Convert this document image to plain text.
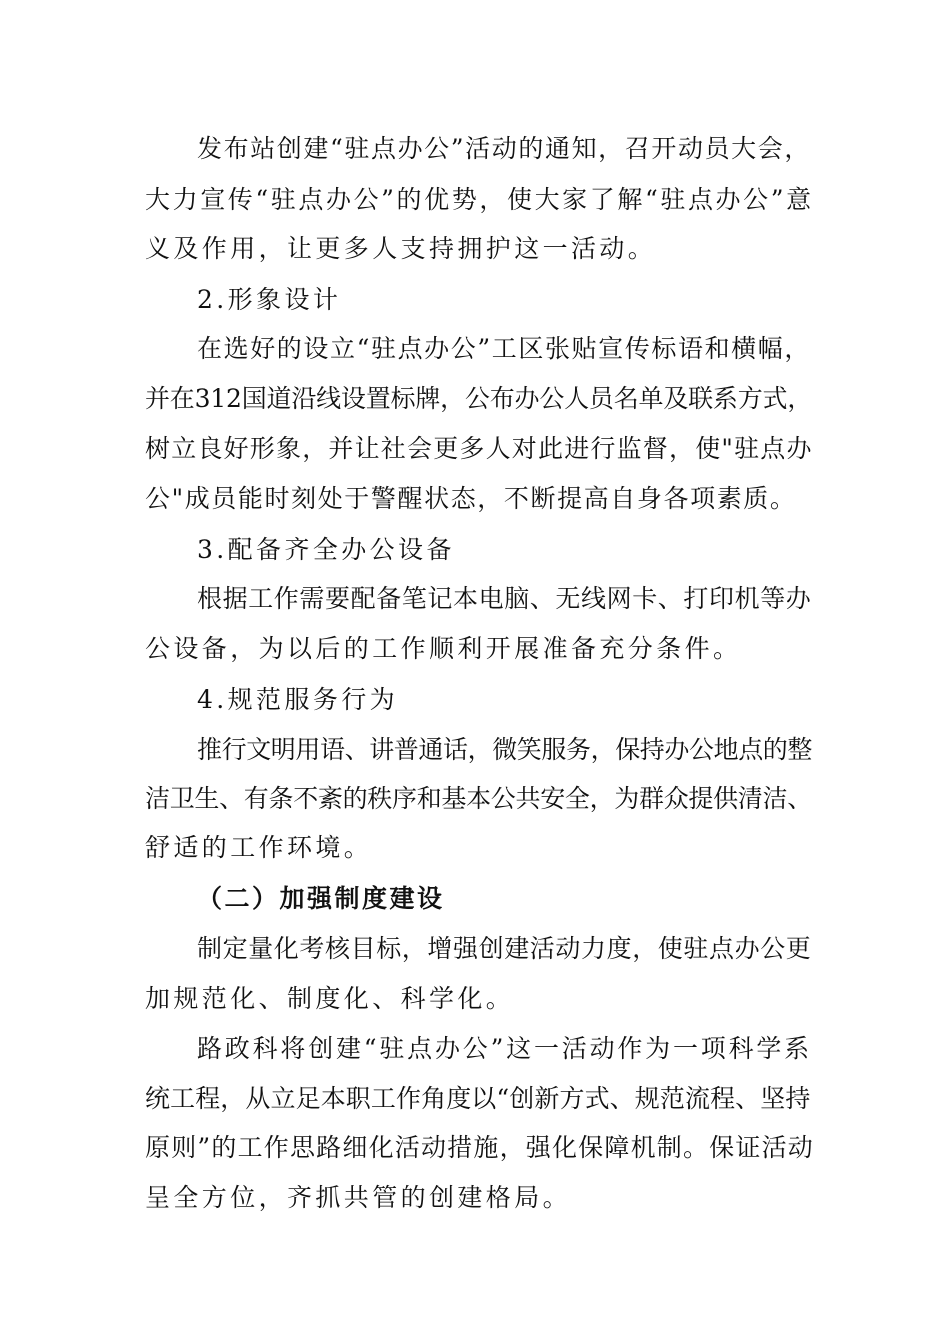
发布站创建“驻点办公”活动的通知，召开动员大会，
大力宣传“驻点办公”的优势，使大家了解“驻点办公”意
义及作用，让更多人支持拥护这一活动。
2.形象设计
在选好的设立“驻点办公”工区张贴宣传标语和横幅，
并在312国道沿线设置标牌，公布办公人员名单及联系方式，
树立良好形象，并让社会更多人对此进行监督，使"驻点办
公"成员能时刻处于警醒状态，不断提高自身各项素质。
3.配备齐全办公设备
根据工作需要配备笔记本电脑、无线网卡、打印机等办
公设备，为以后的工作顺利开展准备充分条件。
4.规范服务行为
推行文明用语、讲普通话，微笑服务，保持办公地点的整
洁卫生、有条不紊的秩序和基本公共安全，为群众提供清洁、
舒适的工作环境。
（二）加强制度建设
制定量化考核目标，增强创建活动力度，使驻点办公更
加规范化、制度化、科学化。
路政科将创建“驻点办公”这一活动作为一项科学系
统工程，从立足本职工作角度以“创新方式、规范流程、坚持
原则”的工作思路细化活动措施，强化保障机制。保证活动
呈全方位，齐抓共管的创建格局。
